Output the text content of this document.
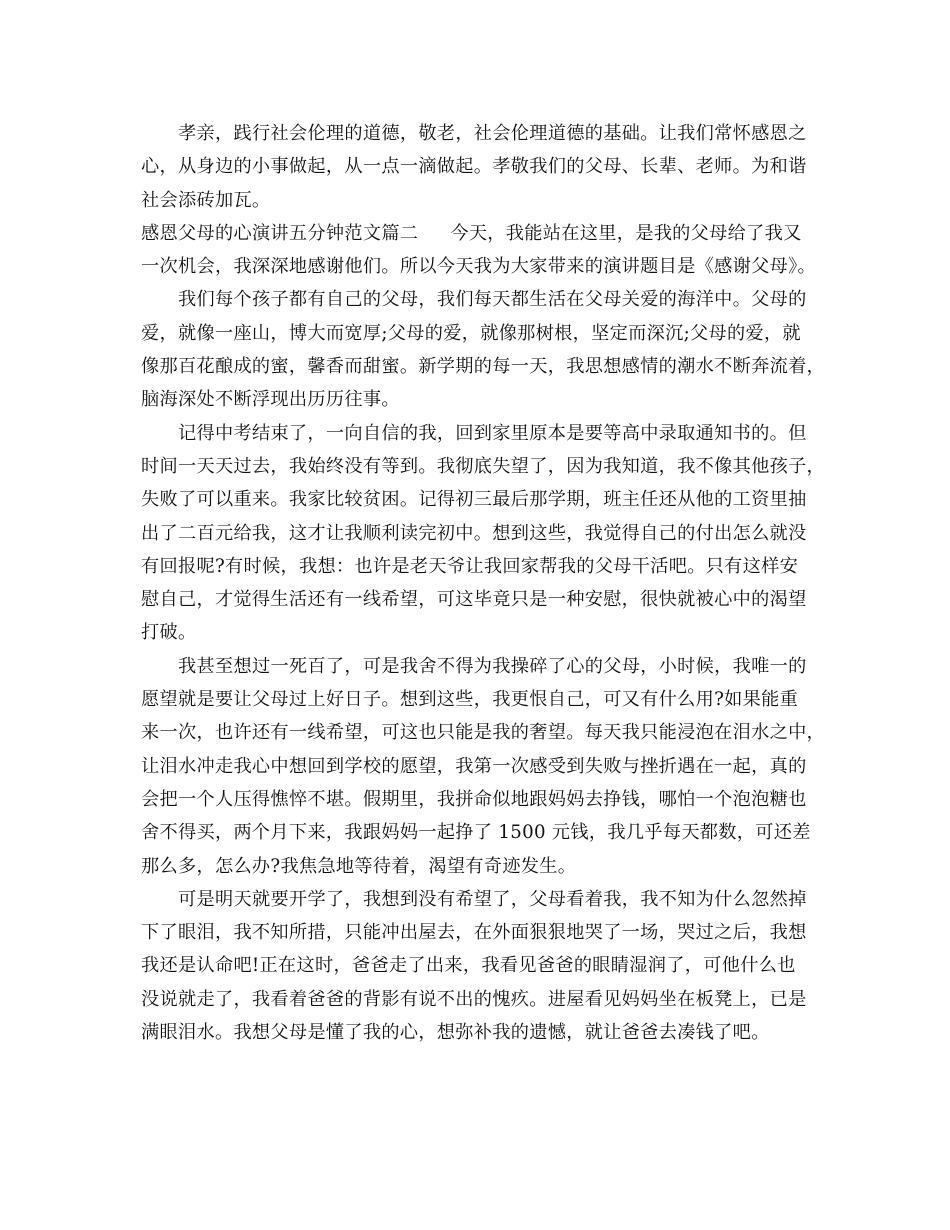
孝亲，践行社会伦理的道德，敬老，社会伦理道德的基础。让我们常怀感恩之
心，从身边的小事做起，从一点一滴做起。孝敬我们的父母、长辈、老师。为和谐
社会添砖加瓦。

感恩父母的心演讲五分钟范文篇二 今天，我能站在这里，是我的父母给了我又
一次机会，我深深地感谢他们。所以今天我为大家带来的演讲题目是《感谢父母》。

我们每个孩子都有自己的父母，我们每天都生活在父母关爱的海洋中。父母的
爱，就像一座山，博大而宽厚;父母的爱，就像那树根，坚定而深沉;父母的爱，就
像那百花酿成的蜜，馨香而甜蜜。新学期的每一天，我思想感情的潮水不断奔流着，
脑海深处不断浮现出历历往事。

记得中考结束了，一向自信的我，回到家里原本是要等高中录取通知书的。但
时间一天天过去，我始终没有等到。我彻底失望了，因为我知道，我不像其他孩子，
失败了可以重来。我家比较贫困。记得初三最后那学期，班主任还从他的工资里抽
出了二百元给我，这才让我顺利读完初中。想到这些，我觉得自己的付出怎么就没
有回报呢?有时候，我想：也许是老天爷让我回家帮我的父母干活吧。只有这样安
慰自己，才觉得生活还有一线希望，可这毕竟只是一种安慰，很快就被心中的渴望
打破。

我甚至想过一死百了，可是我舍不得为我操碎了心的父母，小时候，我唯一的
愿望就是要让父母过上好日子。想到这些，我更恨自己，可又有什么用?如果能重
来一次，也许还有一线希望，可这也只能是我的奢望。每天我只能浸泡在泪水之中，
让泪水冲走我心中想回到学校的愿望，我第一次感受到失败与挫折遇在一起，真的
会把一个人压得憔悴不堪。假期里，我拼命似地跟妈妈去挣钱，哪怕一个泡泡糖也
舍不得买，两个月下来，我跟妈妈一起挣了 1500 元钱，我几乎每天都数，可还差
那么多，怎么办?我焦急地等待着，渴望有奇迹发生。

可是明天就要开学了，我想到没有希望了，父母看着我，我不知为什么忽然掉
下了眼泪，我不知所措，只能冲出屋去，在外面狠狠地哭了一场，哭过之后，我想
我还是认命吧!正在这时，爸爸走了出来，我看见爸爸的眼睛湿润了，可他什么也
没说就走了，我看着爸爸的背影有说不出的愧疚。进屋看见妈妈坐在板凳上，已是
满眼泪水。我想父母是懂了我的心，想弥补我的遗憾，就让爸爸去凑钱了吧。
